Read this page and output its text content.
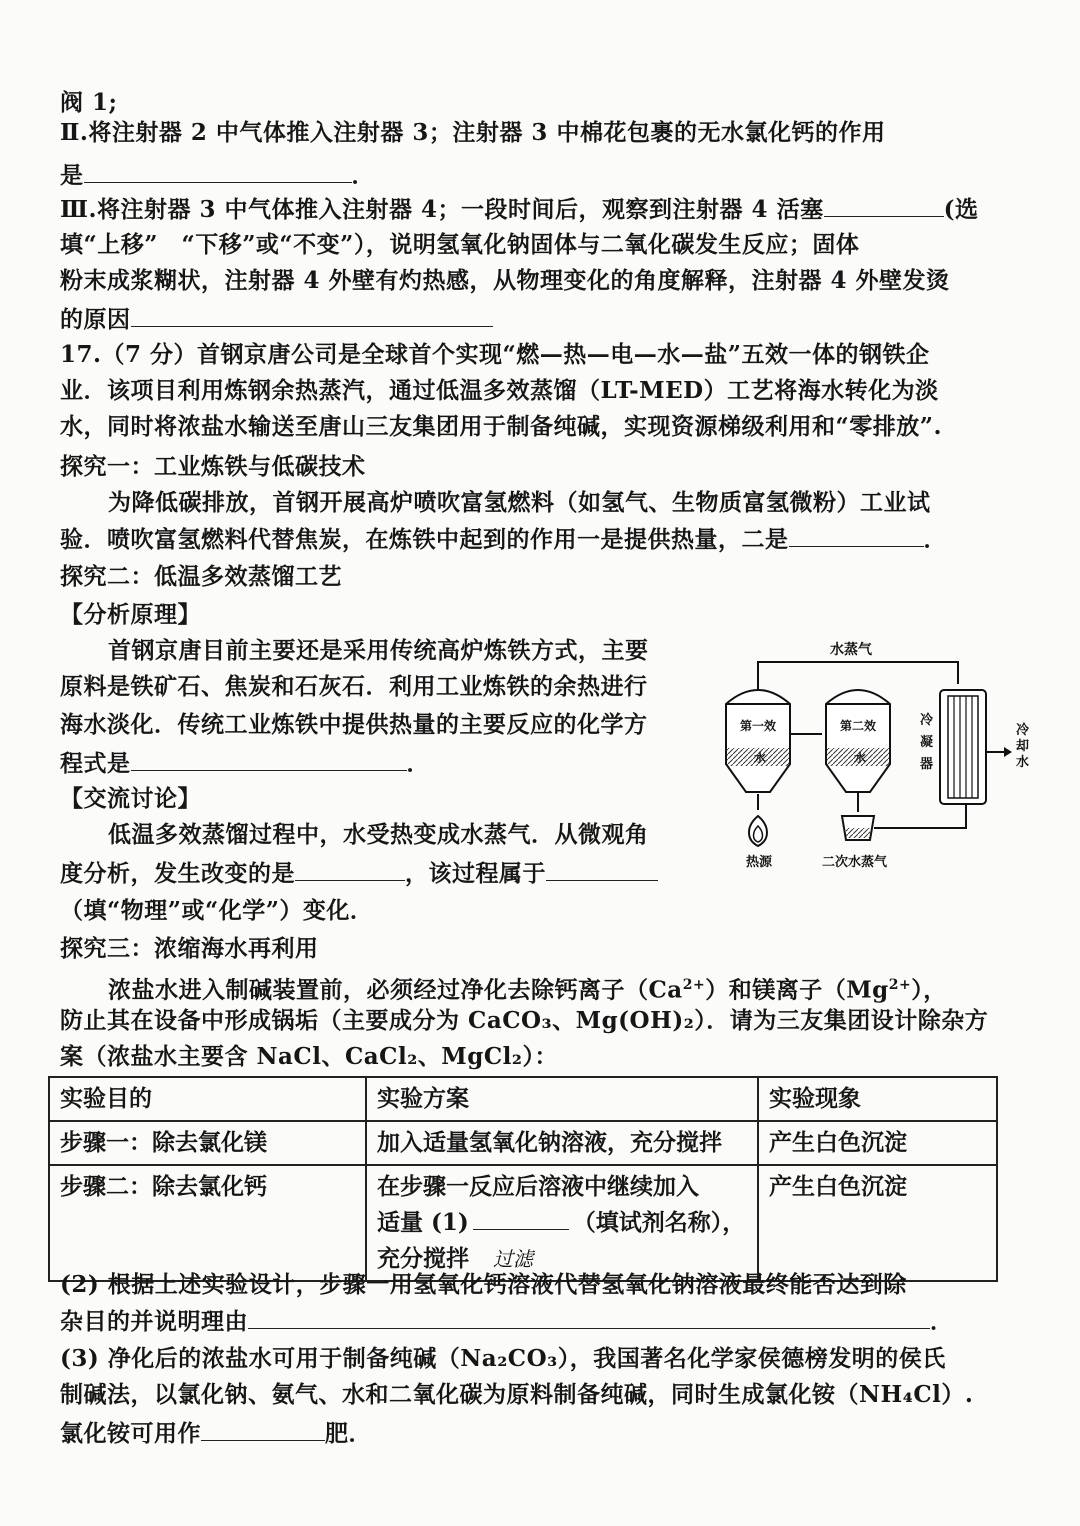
阀 1;
Ⅱ.将注射器 2 中气体推入注射器 3；注射器 3 中棉花包裹的无水氯化钙的作用
是	．
Ⅲ.将注射器 3 中气体推入注射器 4；一段时间后，观察到注射器 4 活塞	(选
填“上移”　“下移”或“不变”），说明氢氧化钠固体与二氧化碳发生反应；固体
粉末成浆糊状，注射器 4 外壁有灼热感，从物理变化的角度解释，注射器 4 外壁发烫
的原因
17.（7 分）首钢京唐公司是全球首个实现“燃—热—电—水—盐”五效一体的钢铁企
业．该项目利用炼钢余热蒸汽，通过低温多效蒸馏（LT-MED）工艺将海水转化为淡
水，同时将浓盐水输送至唐山三友集团用于制备纯碱，实现资源梯级利用和“零排放”.
探究一：工业炼铁与低碳技术
为降低碳排放，首钢开展高炉喷吹富氢燃料（如氢气、生物质富氢微粉）工业试
验．喷吹富氢燃料代替焦炭，在炼铁中起到的作用一是提供热量，二是	．
探究二：低温多效蒸馏工艺
【分析原理】
首钢京唐目前主要还是采用传统高炉炼铁方式，主要
原料是铁矿石、焦炭和石灰石．利用工业炼铁的余热进行
海水淡化．传统工业炼铁中提供热量的主要反应的化学方
程式是	．
【交流讨论】
低温多效蒸馏过程中，水受热变成水蒸气．从微观角
度分析，发生改变的是	，该过程属于
（填“物理”或“化学”）变化．
探究三：浓缩海水再利用
浓盐水进入制碱装置前，必须经过净化去除钙离子$(Ca^{2+})$和镁离子$(Mg^{2+})$，
防止其在设备中形成锅垢（主要成分为 CaCO₃、Mg(OH)₂）．请为三友集团设计除杂方
案（浓盐水主要含 NaCl、CaCl₂、MgCl₂）：
实验目的	实验方案	实验现象
步骤一：除去氯化镁	加入适量氢氧化钠溶液，充分搅拌	产生白色沉淀
步骤二：除去氯化钙	在步骤一反应后溶液中继续加入
适量 (1) （填试剂名称），
充分搅拌 过滤	产生白色沉淀
(2) 根据上述实验设计，步骤一用氢氧化钙溶液代替氢氧化钠溶液最终能否达到除
杂目的并说明理由	．
(3) 净化后的浓盐水可用于制备纯碱（Na₂CO₃），我国著名化学家侯德榜发明的侯氏
制碱法，以氯化钠、氨气、水和二氧化碳为原料制备纯碱，同时生成氯化铵（NH₄Cl）.
氯化铵可用作	肥．
水蒸气
第一效
水
热源
第二效
水
二次水蒸气
冷
凝
器
冷
却
水
